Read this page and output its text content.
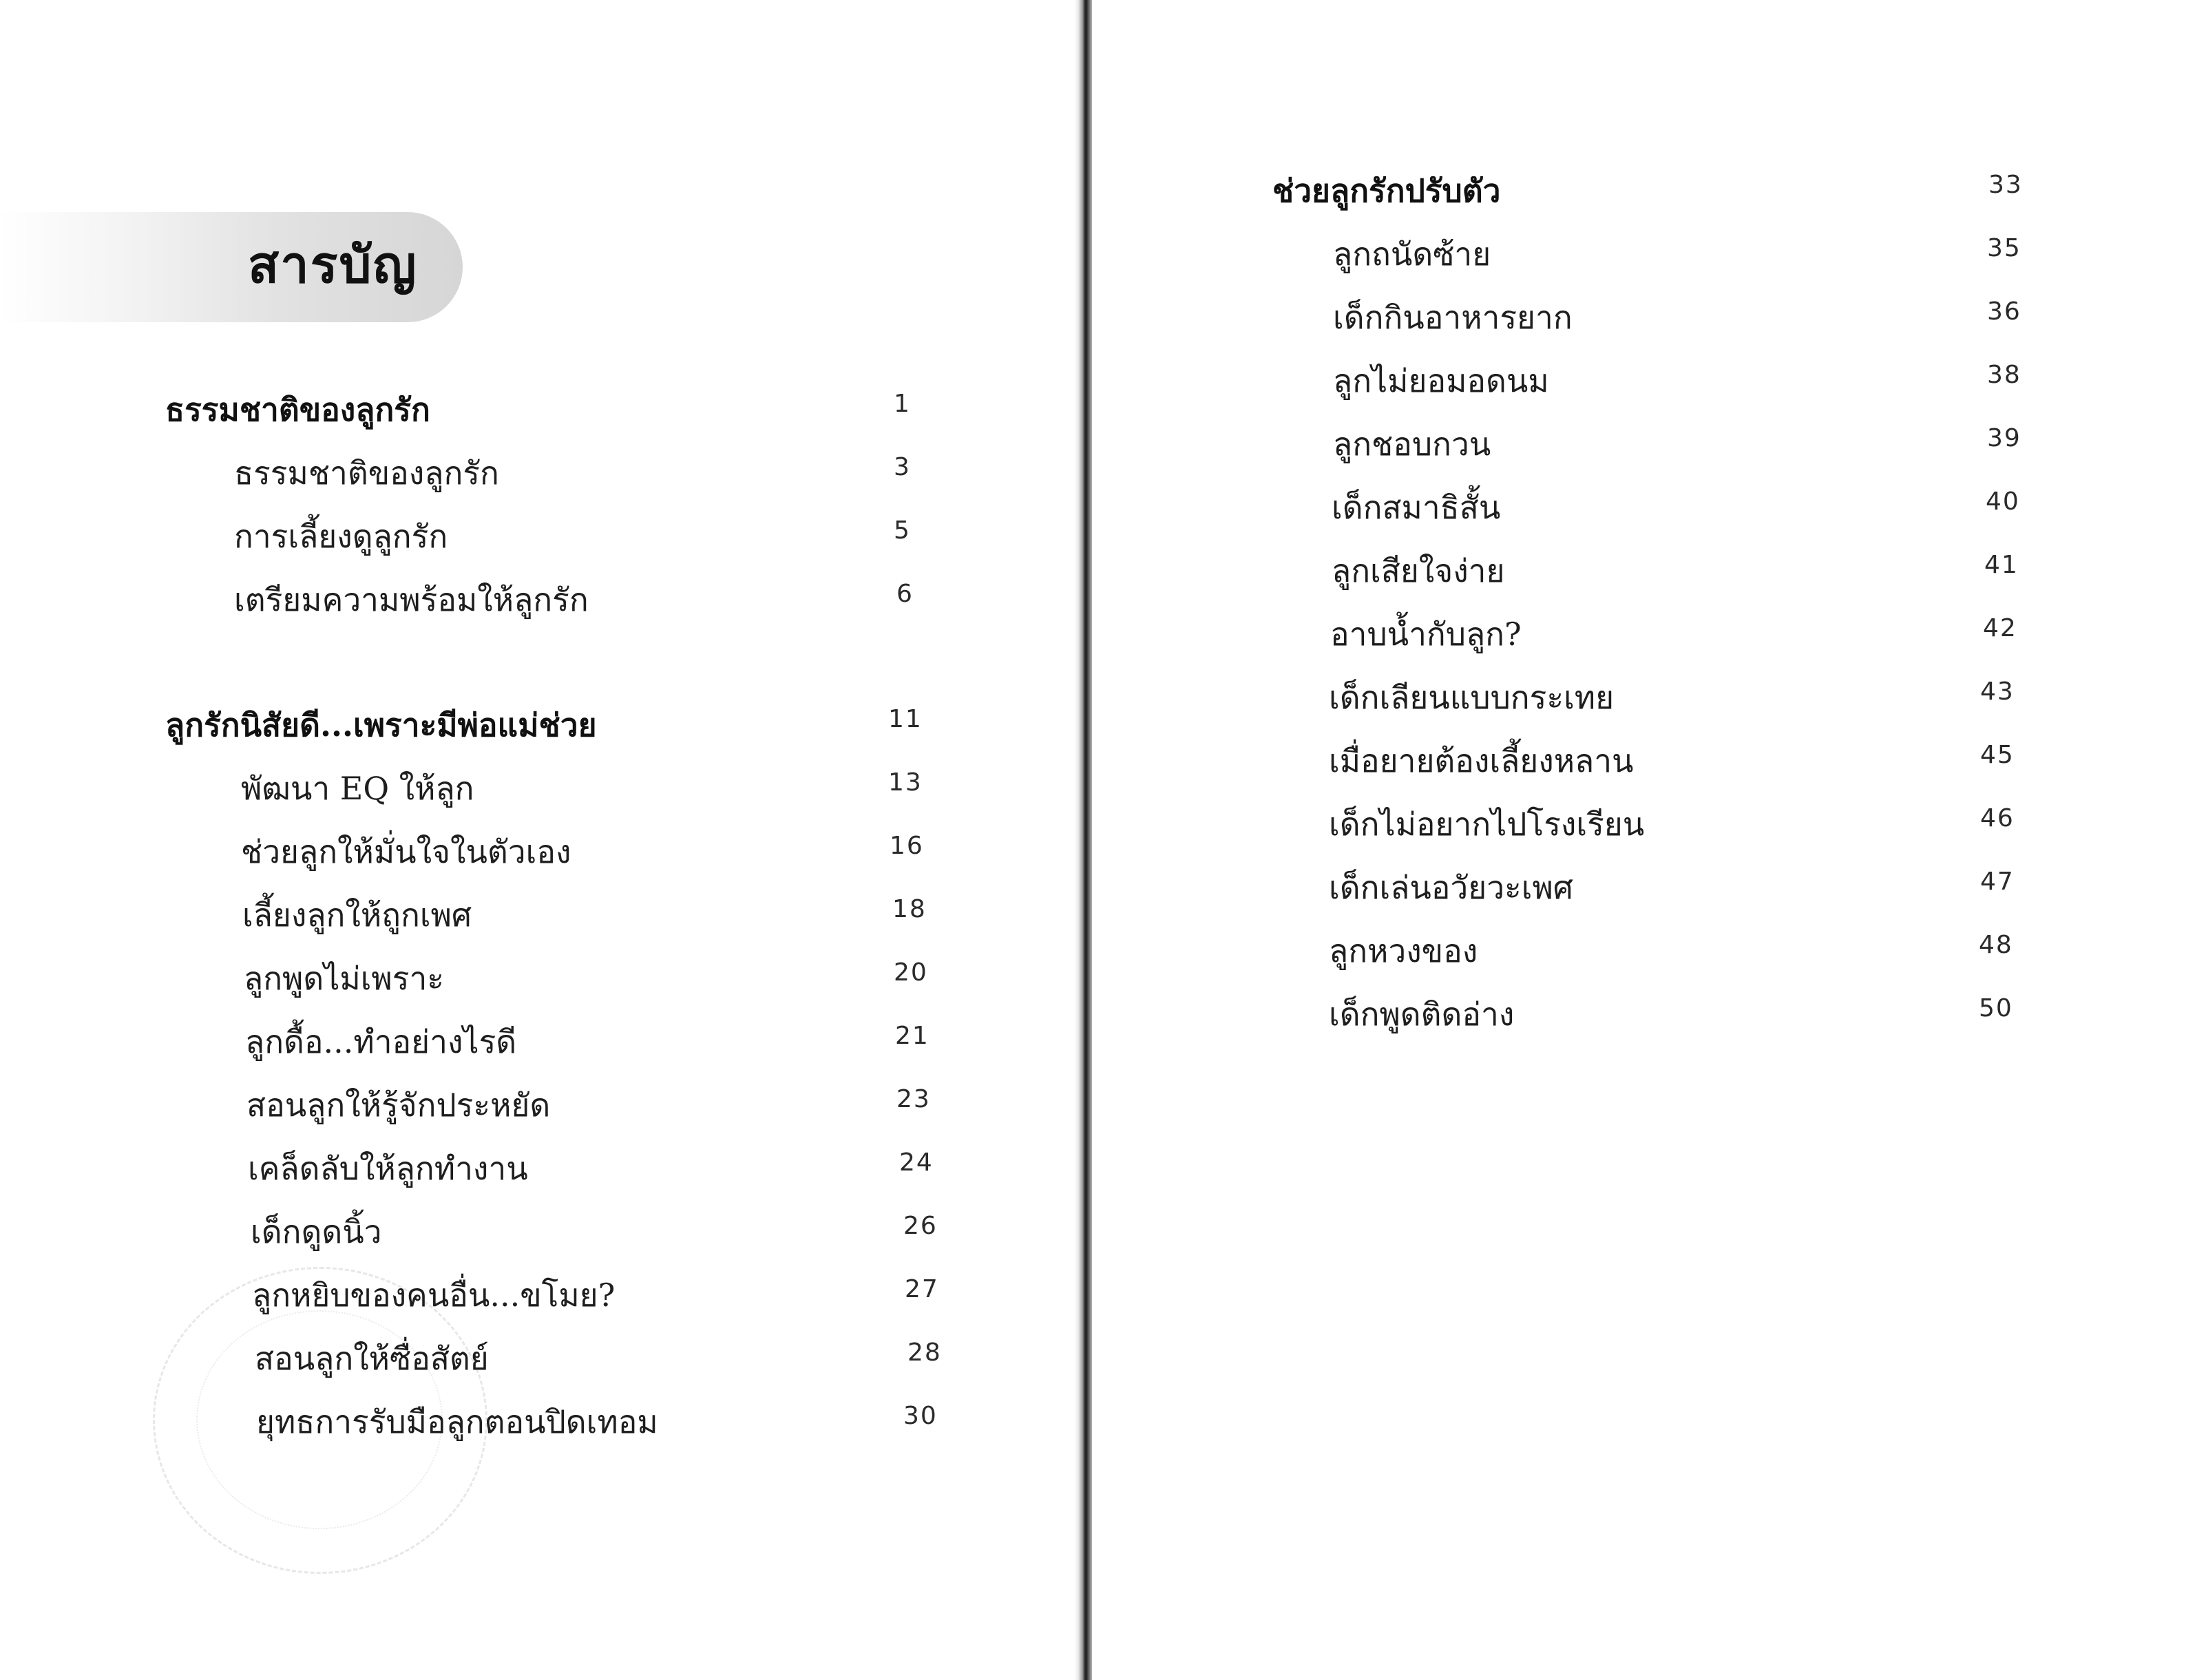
สารบัญ
ธรรมชาติของลูกรัก	1
ธรรมชาติของลูกรัก	3
การเลี้ยงดูลูกรัก	5
เตรียมความพร้อมให้ลูกรัก	6
ลูกรักนิสัยดี...เพราะมีพ่อแม่ช่วย	11
พัฒนา EQ ให้ลูก	13
ช่วยลูกให้มั่นใจในตัวเอง	16
เลี้ยงลูกให้ถูกเพศ	18
ลูกพูดไม่เพราะ	20
ลูกดื้อ...ทำอย่างไรดี	21
สอนลูกให้รู้จักประหยัด	23
เคล็ดลับให้ลูกทำงาน	24
เด็กดูดนิ้ว	26
ลูกหยิบของคนอื่น...ขโมย?	27
สอนลูกให้ซื่อสัตย์	28
ยุทธการรับมือลูกตอนปิดเทอม	30
ช่วยลูกรักปรับตัว	33
ลูกถนัดซ้าย	35
เด็กกินอาหารยาก	36
ลูกไม่ยอมอดนม	38
ลูกชอบกวน	39
เด็กสมาธิสั้น	40
ลูกเสียใจง่าย	41
อาบน้ำกับลูก?	42
เด็กเลียนแบบกระเทย	43
เมื่อยายต้องเลี้ยงหลาน	45
เด็กไม่อยากไปโรงเรียน	46
เด็กเล่นอวัยวะเพศ	47
ลูกหวงของ	48
เด็กพูดติดอ่าง	50
